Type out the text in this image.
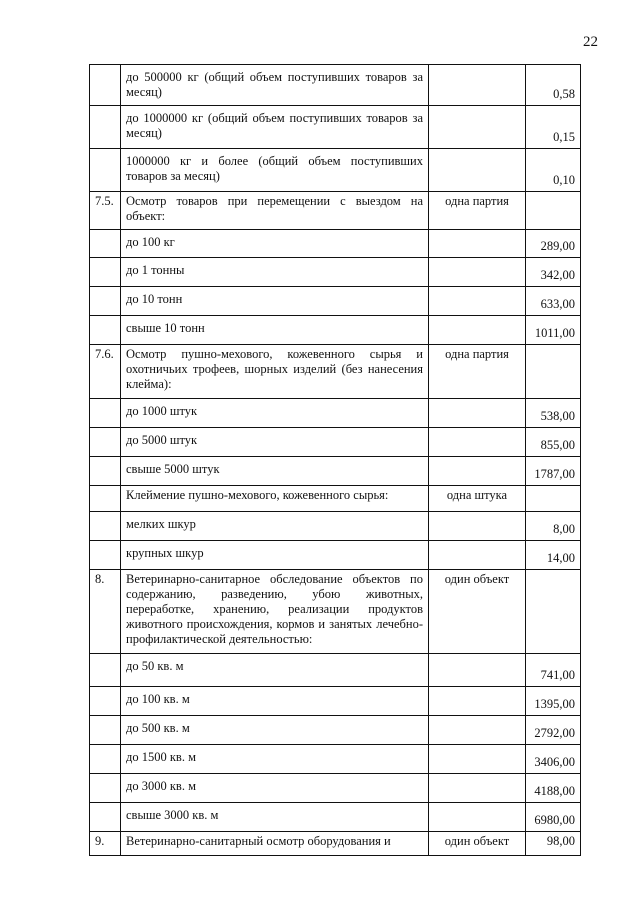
22
	до 500000 кг (общий объем поступивших товаров за месяц)		0,58
	до 1000000 кг (общий объем поступивших товаров за месяц)		0,15
	1000000 кг и более (общий объем поступивших товаров за месяц)		0,10
7.5.	Осмотр товаров при перемещении с выездом на объект:	одна партия	
	до 100 кг		289,00
	до 1 тонны		342,00
	до 10 тонн		633,00
	свыше 10 тонн		1011,00
7.6.	Осмотр пушно-мехового, кожевенного сырья и охотничьих трофеев, шорных изделий (без нанесения клейма):	одна партия	
	до 1000 штук		538,00
	до 5000 штук		855,00
	свыше 5000 штук		1787,00
	Клеймение пушно-мехового, кожевенного сырья:	одна штука	
	мелких шкур		8,00
	крупных шкур		14,00
8.	Ветеринарно-санитарное обследование объектов по содержанию, разведению, убою животных, переработке, хранению, реализации продуктов животного происхождения, кормов и занятых лечебно-профилактической деятельностью:	один объект	
	до 50 кв. м		741,00
	до 100 кв. м		1395,00
	до 500 кв. м		2792,00
	до 1500 кв. м		3406,00
	до 3000 кв. м		4188,00
	свыше 3000 кв. м		6980,00
9.	Ветеринарно-санитарный осмотр оборудования и	один объект	98,00
